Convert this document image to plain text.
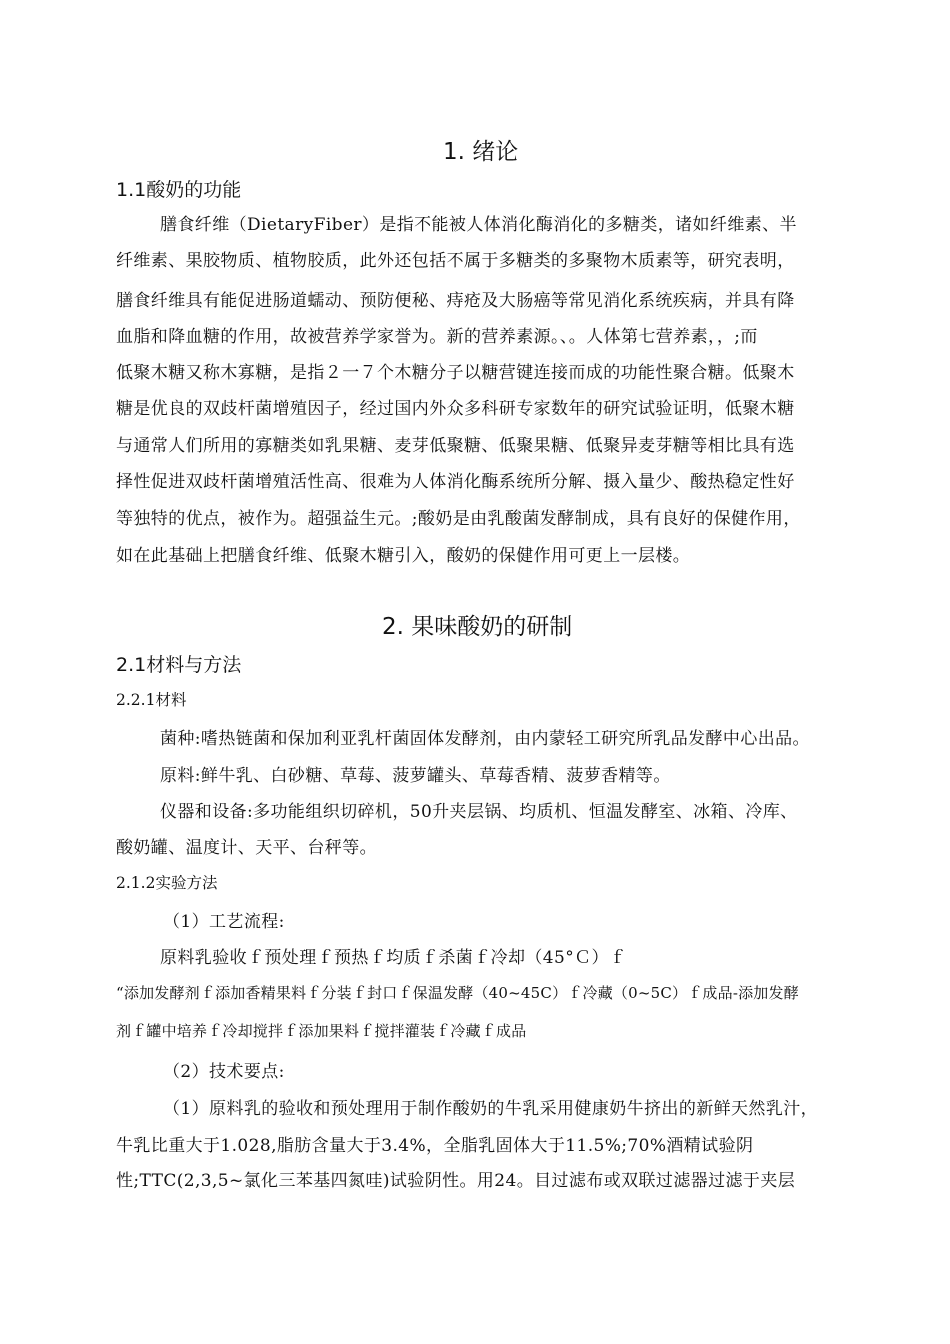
1. 绪论
1.1酸奶的功能
膳食纤维（DietaryFiber）是指不能被人体消化酶消化的多糖类，诸如纤维素、半
纤维素、果胶物质、植物胶质，此外还包括不属于多糖类的多聚物木质素等，研究表明，
膳食纤维具有能促进肠道蠕动、预防便秘、痔疮及大肠癌等常见消化系统疾病，并具有降
血脂和降血糖的作用，故被营养学家誉为。新的营养素源。、。人体第七营养素，，;而
低聚木糖又称木寡糖，是指２一７个木糖分子以糖营键连接而成的功能性聚合糖。低聚木
糖是优良的双歧杆菌增殖因子，经过国内外众多科研专家数年的研究试验证明，低聚木糖
与通常人们所用的寡糖类如乳果糖、麦芽低聚糖、低聚果糖、低聚异麦芽糖等相比具有选
择性促进双歧杆菌增殖活性高、很难为人体消化酶系统所分解、摄入量少、酸热稳定性好
等独特的优点，被作为。超强益生元。;酸奶是由乳酸菌发酵制成，具有良好的保健作用，
如在此基础上把膳食纤维、低聚木糖引入，酸奶的保健作用可更上一层楼。
2. 果味酸奶的研制
2.1材料与方法
2.2.1材料
菌种:嗜热链菌和保加利亚乳杆菌固体发酵剂，由内蒙轻工研究所乳品发酵中心出品。
原料:鲜牛乳、白砂糖、草莓、菠萝罐头、草莓香精、菠萝香精等。
仪器和设备:多功能组织切碎机，50升夹层锅、均质机、恒温发酵室、冰箱、冷库、
酸奶罐、温度计、天平、台秤等。
2.1.2实验方法
（1）工艺流程:
原料乳验收ｆ预处理ｆ预热ｆ均质ｆ杀菌ｆ冷却（45°Ｃ）ｆ
“添加发酵剂ｆ添加香精果料ｆ分装ｆ封口ｆ保温发酵（40~45C）ｆ冷藏（0~5C）ｆ成品-添加发酵
剂ｆ罐中培养ｆ冷却搅拌ｆ添加果料ｆ搅拌灌装ｆ冷藏ｆ成品
（2）技术要点:
（1）原料乳的验收和预处理用于制作酸奶的牛乳采用健康奶牛挤出的新鲜天然乳汁，
牛乳比重大于1.028,脂肪含量大于3.4%，全脂乳固体大于11.5%;70%酒精试验阴
性;TTC(2,3,5~氯化三苯基四氮哇)试验阴性。用24。目过滤布或双联过滤器过滤于夹层
